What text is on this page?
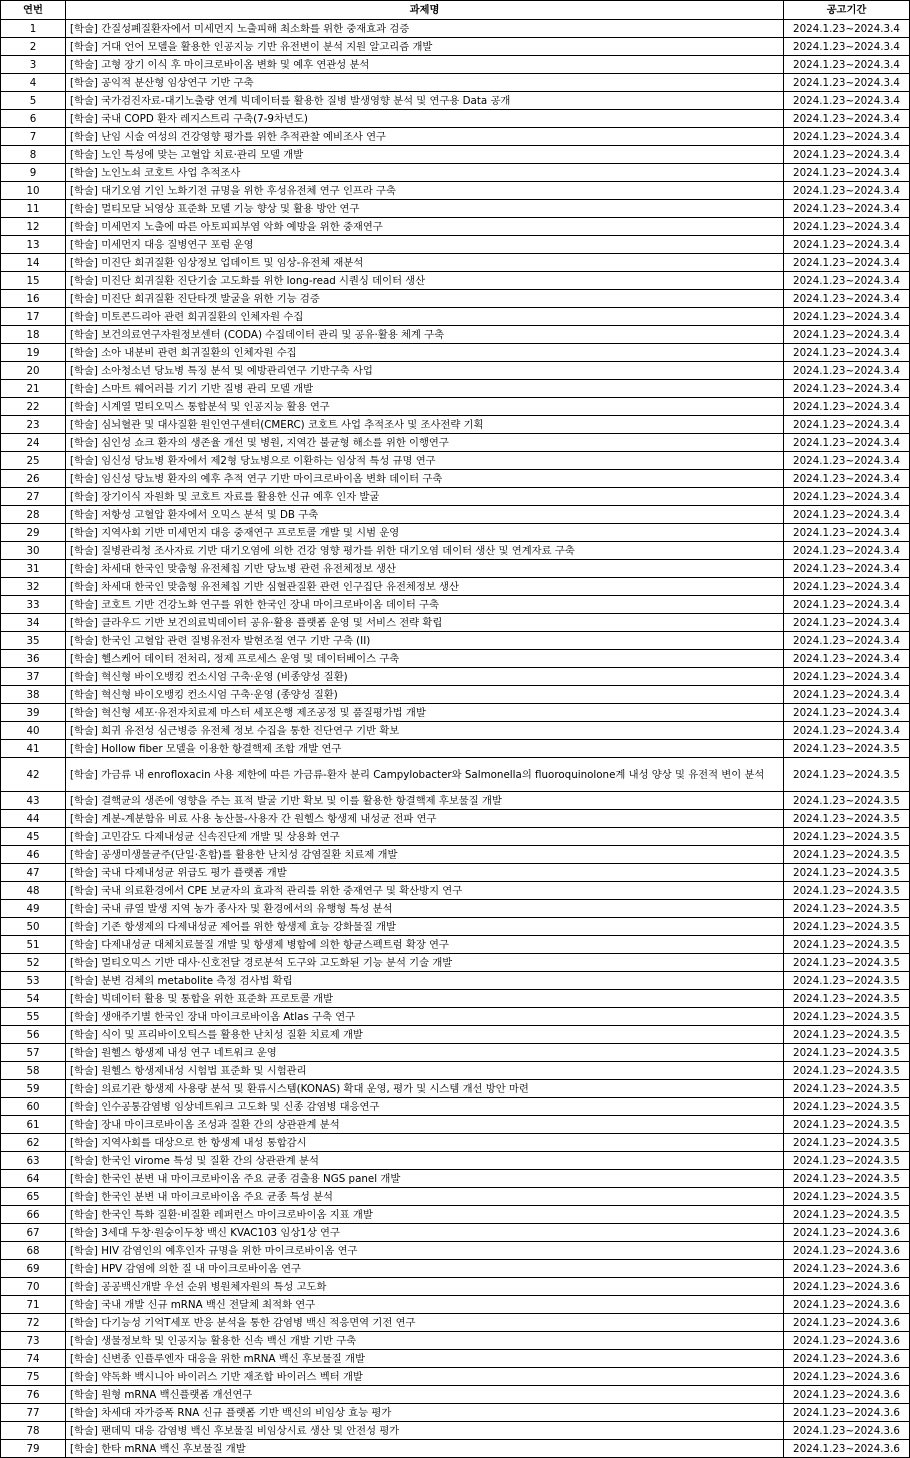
연번	과제명	공고기간
1	[학술] 간질성폐질환자에서 미세먼지 노출피해 최소화를 위한 중재효과 검증	2024.1.23~2024.3.4
2	[학술] 거대 언어 모델을 활용한 인공지능 기반 유전변이 분석 지원 알고리즘 개발	2024.1.23~2024.3.4
3	[학술] 고형 장기 이식 후 마이크로바이옴 변화 및 예후 연관성 분석	2024.1.23~2024.3.4
4	[학술] 공익적 분산형 임상연구 기반 구축	2024.1.23~2024.3.4
5	[학술] 국가검진자료-대기노출량 연계 빅데이터를 활용한 질병 발생영향 분석 및 연구용 Data 공개	2024.1.23~2024.3.4
6	[학술] 국내 COPD 환자 레지스트리 구축(7-9차년도)	2024.1.23~2024.3.4
7	[학술] 난임 시술 여성의 건강영향 평가를 위한 추적관찰 예비조사 연구	2024.1.23~2024.3.4
8	[학술] 노인 특성에 맞는 고혈압 치료·관리 모델 개발	2024.1.23~2024.3.4
9	[학술] 노인노쇠 코호트 사업 추적조사	2024.1.23~2024.3.4
10	[학술] 대기오염 기인 노화기전 규명을 위한 후성유전체 연구 인프라 구축	2024.1.23~2024.3.4
11	[학술] 멀티모달 뇌영상 표준화 모델 기능 향상 및 활용 방안 연구	2024.1.23~2024.3.4
12	[학술] 미세먼지 노출에 따른 아토피피부염 악화 예방을 위한 중재연구	2024.1.23~2024.3.4
13	[학술] 미세먼지 대응 질병연구 포럼 운영	2024.1.23~2024.3.4
14	[학술] 미진단 희귀질환 임상정보 업데이트 및 임상-유전체 재분석	2024.1.23~2024.3.4
15	[학술] 미진단 희귀질환 진단기술 고도화를 위한 long-read 시퀀싱 데이터 생산	2024.1.23~2024.3.4
16	[학술] 미진단 희귀질환 진단타겟 발굴을 위한 기능 검증	2024.1.23~2024.3.4
17	[학술] 미토콘드리아 관련 희귀질환의 인체자원 수집	2024.1.23~2024.3.4
18	[학술] 보건의료연구자원정보센터 (CODA) 수집데이터 관리 및 공유·활용 체계 구축	2024.1.23~2024.3.4
19	[학술] 소아 내분비 관련 희귀질환의 인체자원 수집	2024.1.23~2024.3.4
20	[학술] 소아청소년 당뇨병 특징 분석 및 예방관리연구 기반구축 사업	2024.1.23~2024.3.4
21	[학술] 스마트 웨어러블 기기 기반 질병 관리 모델 개발	2024.1.23~2024.3.4
22	[학술] 시계열 멀티오믹스 통합분석 및 인공지능 활용 연구	2024.1.23~2024.3.4
23	[학술] 심뇌혈관 및 대사질환 원인연구센터(CMERC) 코호트 사업 추적조사 및 조사전략 기획	2024.1.23~2024.3.4
24	[학술] 심인성 쇼크 환자의 생존율 개선 및 병원, 지역간 불균형 해소를 위한 이행연구	2024.1.23~2024.3.4
25	[학술] 임신성 당뇨병 환자에서 제2형 당뇨병으로 이환하는 임상적 특성 규명 연구	2024.1.23~2024.3.4
26	[학술] 임신성 당뇨병 환자의 예후 추적 연구 기반 마이크로바이옴 변화 데이터 구축	2024.1.23~2024.3.4
27	[학술] 장기이식 자원화 및 코호트 자료를 활용한 신규 예후 인자 발굴	2024.1.23~2024.3.4
28	[학술] 저항성 고혈압 환자에서 오믹스 분석 및 DB 구축	2024.1.23~2024.3.4
29	[학술] 지역사회 기반 미세먼지 대응 중재연구 프로토콜 개발 및 시범 운영	2024.1.23~2024.3.4
30	[학술] 질병관리청 조사자료 기반 대기오염에 의한 건강 영향 평가를 위한 대기오염 데이터 생산 및 연계자료 구축	2024.1.23~2024.3.4
31	[학술] 차세대 한국인 맞춤형 유전체칩 기반 당뇨병 관련 유전체정보 생산	2024.1.23~2024.3.4
32	[학술] 차세대 한국인 맞춤형 유전체칩 기반 심혈관질환 관련 인구집단 유전체정보 생산	2024.1.23~2024.3.4
33	[학술] 코호트 기반 건강노화 연구를 위한 한국인 장내 마이크로바이옴 데이터 구축	2024.1.23~2024.3.4
34	[학술] 클라우드 기반 보건의료빅데이터 공유·활용 플랫폼 운영 및 서비스 전략 확립	2024.1.23~2024.3.4
35	[학술] 한국인 고혈압 관련 질병유전자 발현조절 연구 기반 구축 (II)	2024.1.23~2024.3.4
36	[학술] 헬스케어 데이터 전처리, 정제 프로세스 운영 및 데이터베이스 구축	2024.1.23~2024.3.4
37	[학술] 혁신형 바이오뱅킹 컨소시엄 구축·운영 (비종양성 질환)	2024.1.23~2024.3.4
38	[학술] 혁신형 바이오뱅킹 컨소시엄 구축·운영 (종양성 질환)	2024.1.23~2024.3.4
39	[학술] 혁신형 세포·유전자치료제 마스터 세포은행 제조공정 및 품질평가법 개발	2024.1.23~2024.3.4
40	[학술] 희귀 유전성 심근병증 유전체 정보 수집을 통한 진단연구 기반 확보	2024.1.23~2024.3.4
41	[학술] Hollow fiber 모델을 이용한 항결핵제 조합 개발 연구	2024.1.23~2024.3.5
42	[학술] 가금류 내 enrofloxacin 사용 제한에 따른 가금류-환자 분리 Campylobacter와 Salmonella의 fluoroquinolone계 내성 양상 및 유전적 변이 분석	2024.1.23~2024.3.5
43	[학술] 결핵균의 생존에 영향을 주는 표적 발굴 기반 확보 및 이를 활용한 항결핵제 후보물질 개발	2024.1.23~2024.3.5
44	[학술] 계분-계분함유 비료 사용 농산물-사용자 간 원헬스 항생제 내성균 전파 연구	2024.1.23~2024.3.5
45	[학술] 고민감도 다제내성균 신속진단제 개발 및 상용화 연구	2024.1.23~2024.3.5
46	[학술] 공생미생물균주(단일·혼합)를 활용한 난치성 감염질환 치료제 개발	2024.1.23~2024.3.5
47	[학술] 국내 다제내성균 위급도 평가 플랫폼 개발	2024.1.23~2024.3.5
48	[학술] 국내 의료환경에서 CPE 보균자의 효과적 관리를 위한 중재연구 및 확산방지 연구	2024.1.23~2024.3.5
49	[학술] 국내 큐열 발생 지역 농가 종사자 및 환경에서의 유행형 특성 분석	2024.1.23~2024.3.5
50	[학술] 기존 항생제의 다제내성균 제어를 위한 항생제 효능 강화물질 개발	2024.1.23~2024.3.5
51	[학술] 다제내성균 대체치료물질 개발 및 항생제 병합에 의한 항균스펙트럼 확장 연구	2024.1.23~2024.3.5
52	[학술] 멀티오믹스 기반 대사·신호전달 경로분석 도구와 고도화된 기능 분석 기술 개발	2024.1.23~2024.3.5
53	[학술] 분변 검체의 metabolite 측정 검사법 확립	2024.1.23~2024.3.5
54	[학술] 빅데이터 활용 및 통합을 위한 표준화 프로토콜 개발	2024.1.23~2024.3.5
55	[학술] 생애주기별 한국인 장내 마이크로바이옴 Atlas 구축 연구	2024.1.23~2024.3.5
56	[학술] 식이 및 프리바이오틱스를 활용한 난치성 질환 치료제 개발	2024.1.23~2024.3.5
57	[학술] 원헬스 항생제 내성 연구 네트워크 운영	2024.1.23~2024.3.5
58	[학술] 원헬스 항생제내성 시험법 표준화 및 시험관리	2024.1.23~2024.3.5
59	[학술] 의료기관 항생제 사용량 분석 및 환류시스템(KONAS) 확대 운영, 평가 및 시스템 개선 방안 마련	2024.1.23~2024.3.5
60	[학술] 인수공통감염병 임상네트워크 고도화 및 신종 감염병 대응연구	2024.1.23~2024.3.5
61	[학술] 장내 마이크로바이옴 조성과 질환 간의 상관관계 분석	2024.1.23~2024.3.5
62	[학술] 지역사회를 대상으로 한 항생제 내성 통합감시	2024.1.23~2024.3.5
63	[학술] 한국인 virome 특성 및 질환 간의 상관관계 분석	2024.1.23~2024.3.5
64	[학술] 한국인 분변 내 마이크로바이옴 주요 균종 검출용 NGS panel 개발	2024.1.23~2024.3.5
65	[학술] 한국인 분변 내 마이크로바이옴 주요 균종 특성 분석	2024.1.23~2024.3.5
66	[학술] 한국인 특화 질환·비질환 레퍼런스 마이크로바이옴 지표 개발	2024.1.23~2024.3.5
67	[학술] 3세대 두창·원숭이두창 백신 KVAC103 임상1상 연구	2024.1.23~2024.3.6
68	[학술] HIV 감염인의 예후인자 규명을 위한 마이크로바이옴 연구	2024.1.23~2024.3.6
69	[학술] HPV 감염에 의한 질 내 마이크로바이옴 연구	2024.1.23~2024.3.6
70	[학술] 공공백신개발 우선 순위 병원체자원의 특성 고도화	2024.1.23~2024.3.6
71	[학술] 국내 개발 신규 mRNA 백신 전달체 최적화 연구	2024.1.23~2024.3.6
72	[학술] 다기능성 기억T세포 반응 분석을 통한 감염병 백신 적응면역 기전 연구	2024.1.23~2024.3.6
73	[학술] 생물정보학 및 인공지능 활용한 신속 백신 개발 기반 구축	2024.1.23~2024.3.6
74	[학술] 신변종 인플루엔자 대응을 위한 mRNA 백신 후보물질 개발	2024.1.23~2024.3.6
75	[학술] 약독화 백시니아 바이러스 기반 재조합 바이러스 벡터 개발	2024.1.23~2024.3.6
76	[학술] 원형 mRNA 백신플랫폼 개선연구	2024.1.23~2024.3.6
77	[학술] 차세대 자가증폭 RNA 신규 플랫폼 기반 백신의 비임상 효능 평가	2024.1.23~2024.3.6
78	[학술] 팬데믹 대응 감염병 백신 후보물질 비임상시료 생산 및 안전성 평가	2024.1.23~2024.3.6
79	[학술] 한타 mRNA 백신 후보물질 개발	2024.1.23~2024.3.6
